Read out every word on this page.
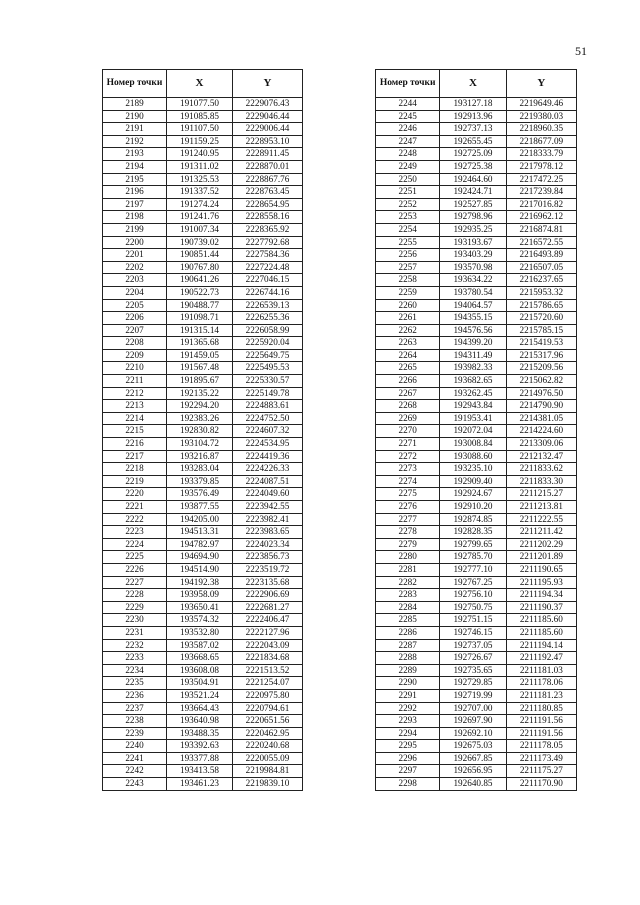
51
Номер точки	X	Y
2189	191077.50	2229076.43
2190	191085.85	2229046.44
2191	191107.50	2229006.44
2192	191159.25	2228953.10
2193	191240.95	2228911.45
2194	191311.02	2228870.01
2195	191325.53	2228867.76
2196	191337.52	2228763.45
2197	191274.24	2228654.95
2198	191241.76	2228558.16
2199	191007.34	2228365.92
2200	190739.02	2227792.68
2201	190851.44	2227584.36
2202	190767.80	2227224.48
2203	190641.26	2227046.15
2204	190522.73	2226744.16
2205	190488.77	2226539.13
2206	191098.71	2226255.36
2207	191315.14	2226058.99
2208	191365.68	2225920.04
2209	191459.05	2225649.75
2210	191567.48	2225495.53
2211	191895.67	2225330.57
2212	192135.22	2225149.78
2213	192294.20	2224883.61
2214	192383.26	2224752.50
2215	192830.82	2224607.32
2216	193104.72	2224534.95
2217	193216.87	2224419.36
2218	193283.04	2224226.33
2219	193379.85	2224087.51
2220	193576.49	2224049.60
2221	193877.55	2223942.55
2222	194205.00	2223982.41
2223	194513.31	2223983.65
2224	194782.97	2224023.34
2225	194694.90	2223856.73
2226	194514.90	2223519.72
2227	194192.38	2223135.68
2228	193958.09	2222906.69
2229	193650.41	2222681.27
2230	193574.32	2222406.47
2231	193532.80	2222127.96
2232	193587.02	2222043.09
2233	193668.65	2221834.68
2234	193608.08	2221513.52
2235	193504.91	2221254.07
2236	193521.24	2220975.80
2237	193664.43	2220794.61
2238	193640.98	2220651.56
2239	193488.35	2220462.95
2240	193392.63	2220240.68
2241	193377.88	2220055.09
2242	193413.58	2219984.81
2243	193461.23	2219839.10
Номер точки	X	Y
2244	193127.18	2219649.46
2245	192913.96	2219380.03
2246	192737.13	2218960.35
2247	192655.45	2218677.09
2248	192725.09	2218333.79
2249	192725.38	2217978.12
2250	192464.60	2217472.25
2251	192424.71	2217239.84
2252	192527.85	2217016.82
2253	192798.96	2216962.12
2254	192935.25	2216874.81
2255	193193.67	2216572.55
2256	193403.29	2216493.89
2257	193570.98	2216507.05
2258	193634.22	2216237.65
2259	193780.54	2215953.32
2260	194064.57	2215786.65
2261	194355.15	2215720.60
2262	194576.56	2215785.15
2263	194399.20	2215419.53
2264	194311.49	2215317.96
2265	193982.33	2215209.56
2266	193682.65	2215062.82
2267	193262.45	2214976.50
2268	192943.84	2214790.90
2269	191953.41	2214381.05
2270	192072.04	2214224.60
2271	193008.84	2213309.06
2272	193088.60	2212132.47
2273	193235.10	2211833.62
2274	192909.40	2211833.30
2275	192924.67	2211215.27
2276	192910.20	2211213.81
2277	192874.85	2211222.55
2278	192828.35	2211211.42
2279	192799.65	2211202.29
2280	192785.70	2211201.89
2281	192777.10	2211190.65
2282	192767.25	2211195.93
2283	192756.10	2211194.34
2284	192750.75	2211190.37
2285	192751.15	2211185.60
2286	192746.15	2211185.60
2287	192737.05	2211194.14
2288	192726.67	2211192.47
2289	192735.65	2211181.03
2290	192729.85	2211178.06
2291	192719.99	2211181.23
2292	192707.00	2211180.85
2293	192697.90	2211191.56
2294	192692.10	2211191.56
2295	192675.03	2211178.05
2296	192667.85	2211173.49
2297	192656.95	2211175.27
2298	192640.85	2211170.90
